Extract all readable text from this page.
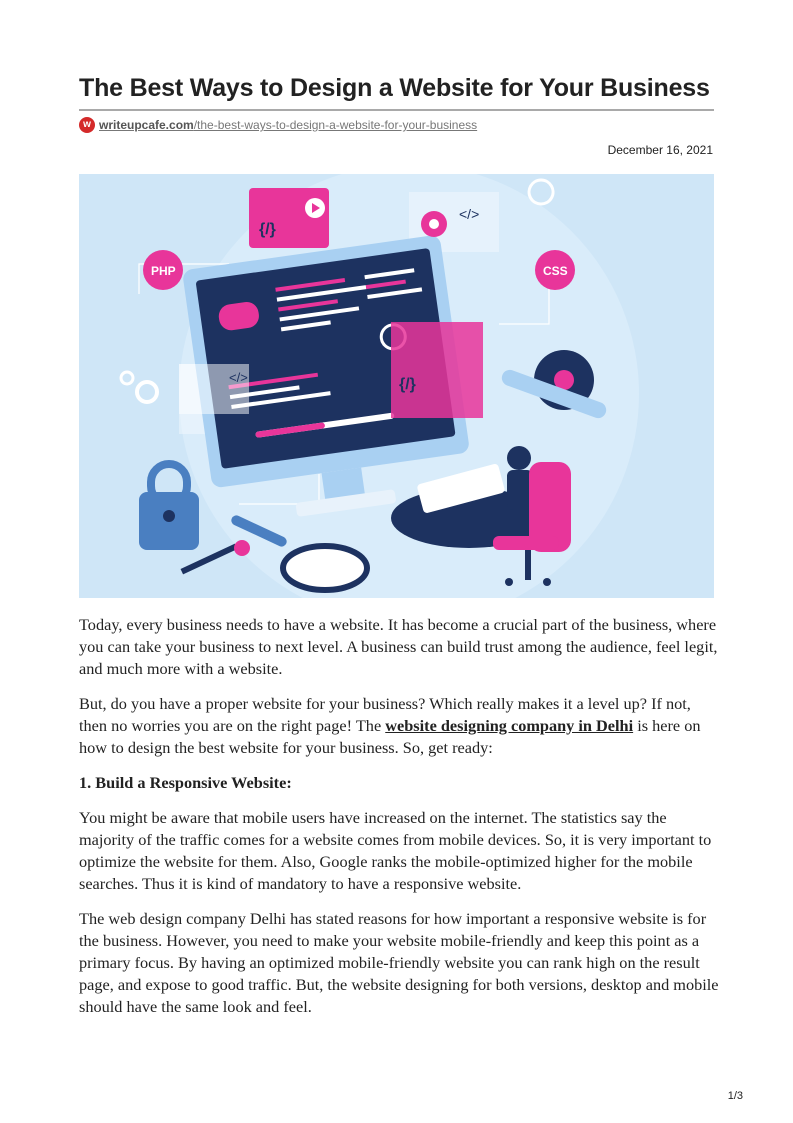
The Best Ways to Design a Website for Your Business
w writeupcafe.com/the-best-ways-to-design-a-website-for-your-business
December 16, 2021
{/}
PHP	CSS
</>
</>	{/}

Today, every business needs to have a website. It has become a crucial part of the business, where you can take your business to next level. A business can build trust among the audience, feel legit, and much more with a website.

But, do you have a proper website for your business? Which really makes it a level up? If not, then no worries you are on the right page! The website designing company in Delhi is here on how to design the best website for your business. So, get ready:

1. Build a Responsive Website:

You might be aware that mobile users have increased on the internet. The statistics say the majority of the traffic comes for a website comes from mobile devices. So, it is very important to optimize the website for them. Also, Google ranks the mobile-optimized higher for the mobile searches. Thus it is kind of mandatory to have a responsive website.

The web design company Delhi has stated reasons for how important a responsive website is for the business. However, you need to make your website mobile-friendly and keep this point as a primary focus. By having an optimized mobile-friendly website you can rank high on the result page, and expose to good traffic. But, the website designing for both versions, desktop and mobile should have the same look and feel.

1/3
